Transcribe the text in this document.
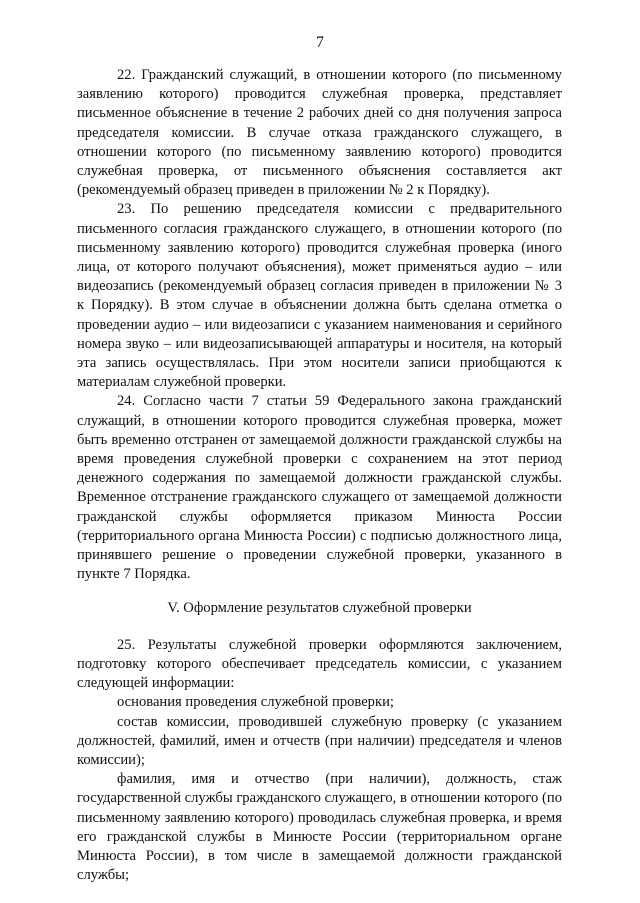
7

22. Гражданский служащий, в отношении которого (по письменному заявлению которого) проводится служебная проверка, представляет письменное объяснение в течение 2 рабочих дней со дня получения запроса председателя комиссии. В случае отказа гражданского служащего, в отношении которого (по письменному заявлению которого) проводится служебная проверка, от письменного объяснения составляется акт (рекомендуемый образец приведен в приложении № 2 к Порядку).

23. По решению председателя комиссии с предварительного письменного согласия гражданского служащего, в отношении которого (по письменному заявлению которого) проводится служебная проверка (иного лица, от которого получают объяснения), может применяться аудио – или видеозапись (рекомендуемый образец согласия приведен в приложении № 3 к Порядку). В этом случае в объяснении должна быть сделана отметка о проведении аудио – или видеозаписи с указанием наименования и серийного номера звуко – или видеозаписывающей аппаратуры и носителя, на который эта запись осуществлялась. При этом носители записи приобщаются к материалам служебной проверки.

24. Согласно части 7 статьи 59 Федерального закона гражданский служащий, в отношении которого проводится служебная проверка, может быть временно отстранен от замещаемой должности гражданской службы на время проведения служебной проверки с сохранением на этот период денежного содержания по замещаемой должности гражданской службы. Временное отстранение гражданского служащего от замещаемой должности гражданской службы оформляется приказом Минюста России (территориального органа Минюста России) с подписью должностного лица, принявшего решение о проведении служебной проверки, указанного в пункте 7 Порядка.

V. Оформление результатов служебной проверки

25. Результаты служебной проверки оформляются заключением, подготовку которого обеспечивает председатель комиссии, с указанием следующей информации:

основания проведения служебной проверки;

состав комиссии, проводившей служебную проверку (с указанием должностей, фамилий, имен и отчеств (при наличии) председателя и членов комиссии);

фамилия, имя и отчество (при наличии), должность, стаж государственной службы гражданского служащего, в отношении которого (по письменному заявлению которого) проводилась служебная проверка, и время его гражданской службы в Минюсте России (территориальном органе Минюста России), в том числе в замещаемой должности гражданской службы;
